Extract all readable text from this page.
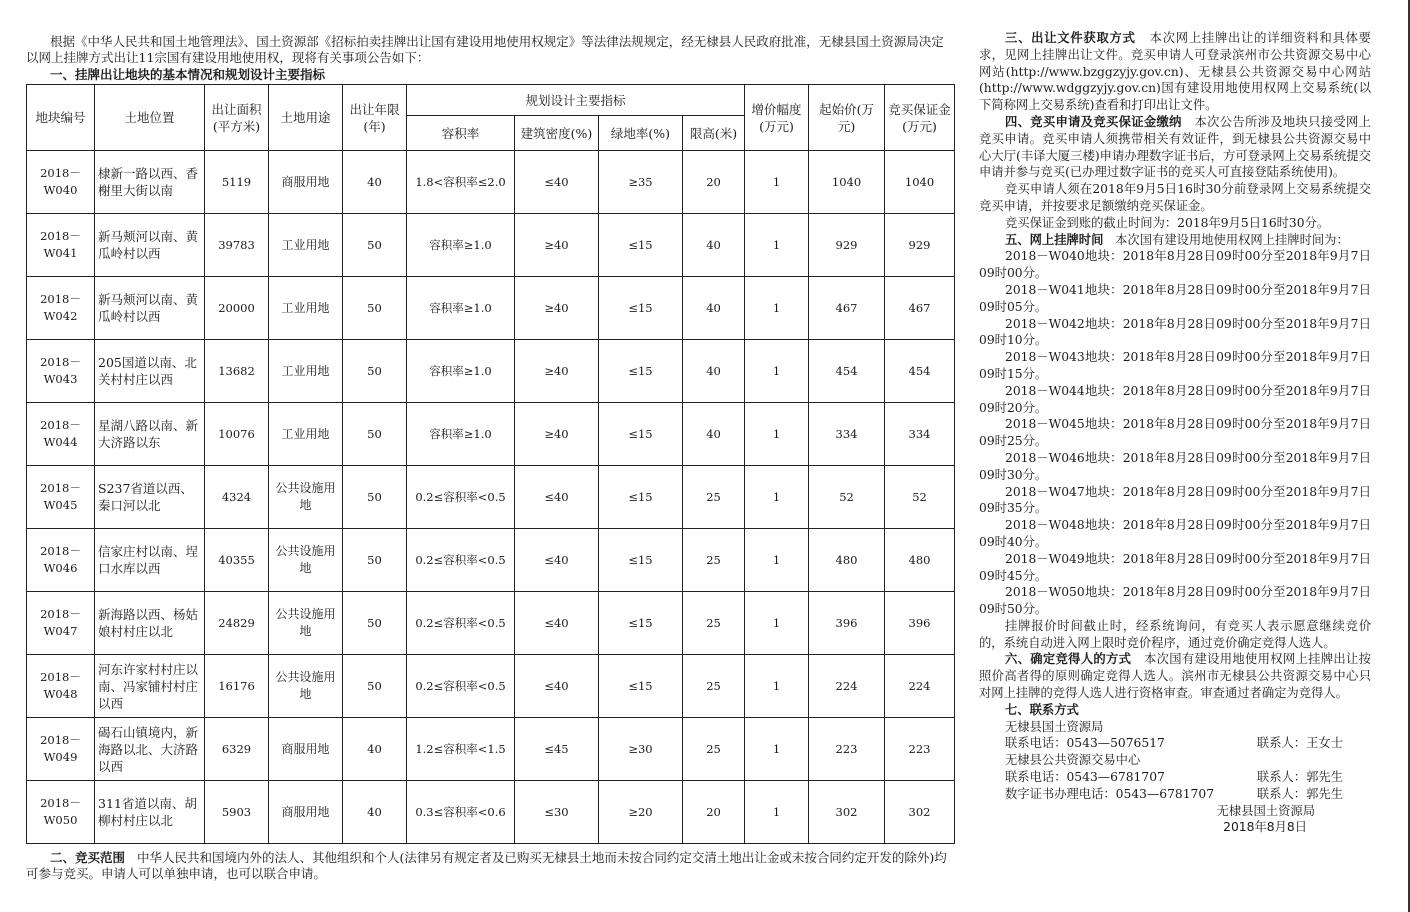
根据《中华人民共和国土地管理法》、国土资源部《招标拍卖挂牌出让国有建设用地使用权规定》等法律法规规定，经无棣县人民政府批准，无棣县国土资源局决定以网上挂牌方式出让11宗国有建设用地使用权，现将有关事项公告如下：

一、挂牌出让地块的基本情况和规划设计主要指标

地块编号	土地位置	出让面积(平方米)	土地用途	出让年限(年)	规划设计主要指标				增价幅度(万元)	起始价(万元)	竞买保证金(万元)
					容积率	建筑密度(%)	绿地率(%)	限高(米)			
2018－W040	棣新一路以西、香榭里大街以南	5119	商服用地	40	1.8<容积率≤2.0	≤40	≥35	20	1	1040	1040
2018－W041	新马颊河以南、黄瓜岭村以西	39783	工业用地	50	容积率≥1.0	≥40	≤15	40	1	929	929
2018－W042	新马颊河以南、黄瓜岭村以西	20000	工业用地	50	容积率≥1.0	≥40	≤15	40	1	467	467
2018－W043	205国道以南、北关村村庄以西	13682	工业用地	50	容积率≥1.0	≥40	≤15	40	1	454	454
2018－W044	星湖八路以南、新大济路以东	10076	工业用地	50	容积率≥1.0	≥40	≤15	40	1	334	334
2018－W045	S237省道以西、秦口河以北	4324	公共设施用地	50	0.2≤容积率<0.5	≤40	≤15	25	1	52	52
2018－W046	信家庄村以南、埕口水库以西	40355	公共设施用地	50	0.2≤容积率<0.5	≤40	≤15	25	1	480	480
2018－W047	新海路以西、杨姑娘村村庄以北	24829	公共设施用地	50	0.2≤容积率<0.5	≤40	≤15	25	1	396	396
2018－W048	河东许家村村庄以南、冯家铺村村庄以西	16176	公共设施用地	50	0.2≤容积率<0.5	≤40	≤15	25	1	224	224
2018－W049	碣石山镇境内，新海路以北、大济路以西	6329	商服用地	40	1.2≤容积率<1.5	≤45	≥30	25	1	223	223
2018－W050	311省道以南、胡柳村村庄以北	5903	商服用地	40	0.3≤容积率<0.6	≤30	≥20	20	1	302	302

二、竞买范围 中华人民共和国境内外的法人、其他组织和个人(法律另有规定者及已购买无棣县土地而未按合同约定交清土地出让金或未按合同约定开发的除外)均可参与竞买。申请人可以单独申请，也可以联合申请。

三、出让文件获取方式 本次网上挂牌出让的详细资料和具体要求，见网上挂牌出让文件。竞买申请人可登录滨州市公共资源交易中心网站(http://www.bzggzyjy.gov.cn)、无棣县公共资源交易中心网站(http://www.wdggzyjy.gov.cn)国有建设用地使用权网上交易系统(以下简称网上交易系统)查看和打印出让文件。

四、竞买申请及竞买保证金缴纳 本次公告所涉及地块只接受网上竞买申请。竞买申请人须携带相关有效证件，到无棣县公共资源交易中心大厅(丰译大厦三楼)申请办理数字证书后，方可登录网上交易系统提交申请并参与竞买(已办理过数字证书的竞买人可直接登陆系统使用)。

竞买申请人须在2018年9月5日16时30分前登录网上交易系统提交竞买申请，并按要求足额缴纳竞买保证金。

竞买保证金到账的截止时间为：2018年9月5日16时30分。

五、网上挂牌时间 本次国有建设用地使用权网上挂牌时间为：

2018－W040地块：2018年8月28日09时00分至2018年9月7日09时00分。

2018－W041地块：2018年8月28日09时00分至2018年9月7日09时05分。

2018－W042地块：2018年8月28日09时00分至2018年9月7日09时10分。

2018－W043地块：2018年8月28日09时00分至2018年9月7日09时15分。

2018－W044地块：2018年8月28日09时00分至2018年9月7日09时20分。

2018－W045地块：2018年8月28日09时00分至2018年9月7日09时25分。

2018－W046地块：2018年8月28日09时00分至2018年9月7日09时30分。

2018－W047地块：2018年8月28日09时00分至2018年9月7日09时35分。

2018－W048地块：2018年8月28日09时00分至2018年9月7日09时40分。

2018－W049地块：2018年8月28日09时00分至2018年9月7日09时45分。

2018－W050地块：2018年8月28日09时00分至2018年9月7日09时50分。

挂牌报价时间截止时，经系统询问，有竞买人表示愿意继续竞价的，系统自动进入网上限时竞价程序，通过竞价确定竞得人选人。

六、确定竞得人的方式 本次国有建设用地使用权网上挂牌出让按照价高者得的原则确定竞得人选人。滨州市无棣县公共资源交易中心只对网上挂牌的竞得人选人进行资格审查。审查通过者确定为竞得人。

七、联系方式

无棣县国土资源局

联系电话：0543—5076517	联系人：王女士

无棣县公共资源交易中心

联系电话：0543—6781707	联系人：郭先生
数字证书办理电话：0543—6781707	联系人：郭先生

无棣县国土资源局

2018年8月8日
